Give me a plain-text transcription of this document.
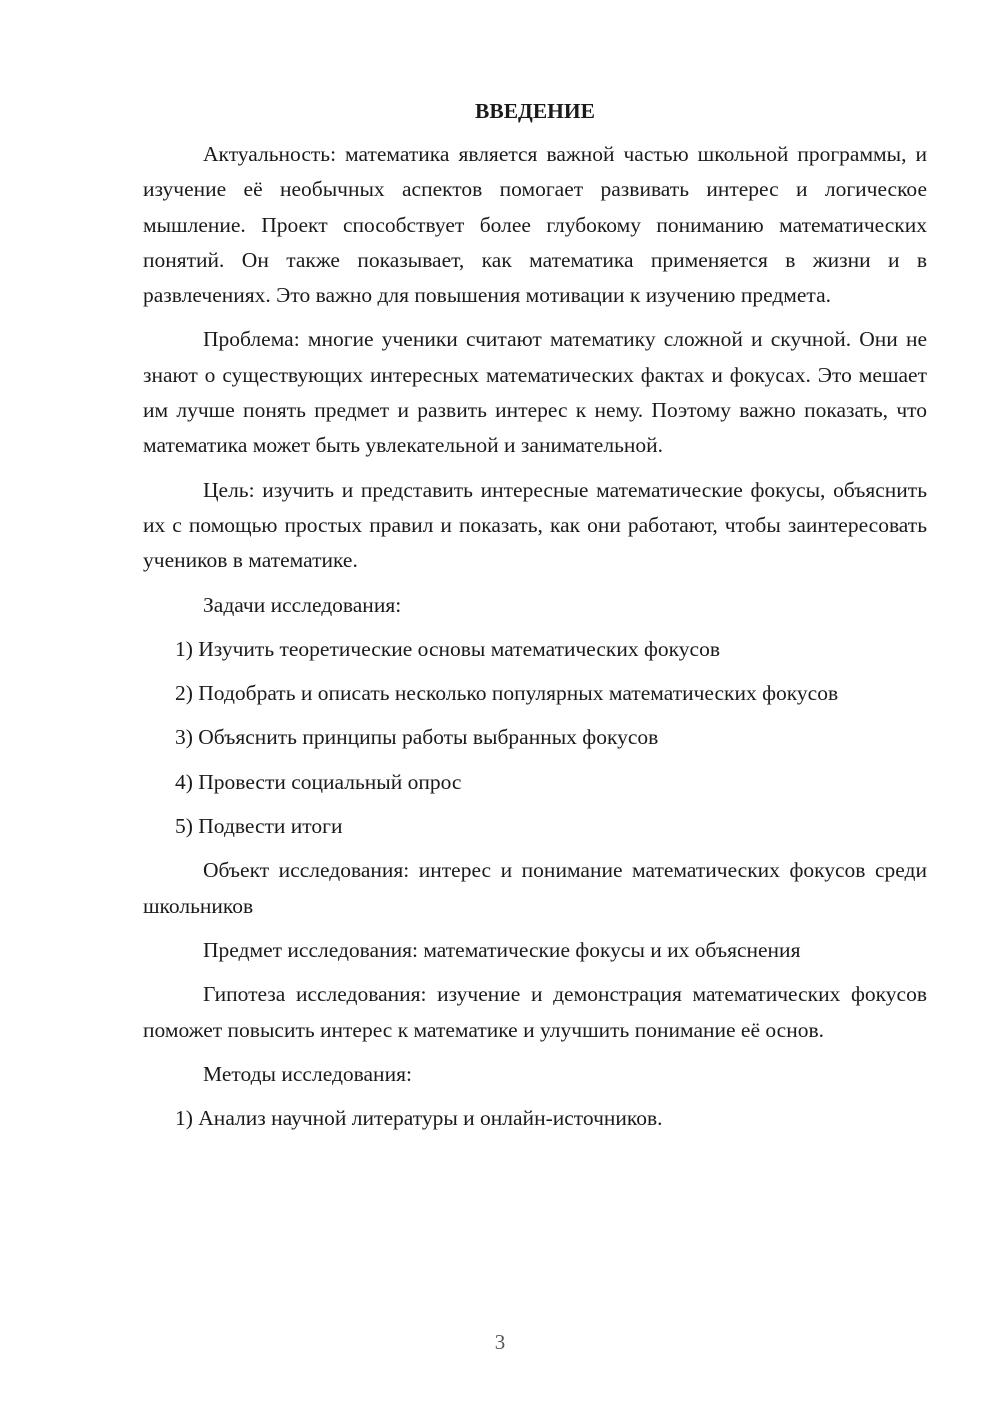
ВВЕДЕНИЕ

Актуальность: математика является важной частью школьной программы, и изучение её необычных аспектов помогает развивать интерес и логическое мышление. Проект способствует более глубокому пониманию математических понятий. Он также показывает, как математика применяется в жизни и в развлечениях. Это важно для повышения мотивации к изучению предмета.

Проблема: многие ученики считают математику сложной и скучной. Они не знают о существующих интересных математических фактах и фокусах. Это мешает им лучше понять предмет и развить интерес к нему. Поэтому важно показать, что математика может быть увлекательной и занимательной.

Цель: изучить и представить интересные математические фокусы, объяснить их с помощью простых правил и показать, как они работают, чтобы заинтересовать учеников в математике.

Задачи исследования:

1) Изучить теоретические основы математических фокусов

2) Подобрать и описать несколько популярных математических фокусов

3) Объяснить принципы работы выбранных фокусов

4) Провести социальный опрос

5) Подвести итоги

Объект исследования: интерес и понимание математических фокусов среди школьников

Предмет исследования: математические фокусы и их объяснения

Гипотеза исследования: изучение и демонстрация математических фокусов поможет повысить интерес к математике и улучшить понимание её основ.

Методы исследования:

1) Анализ научной литературы и онлайн-источников.

3
